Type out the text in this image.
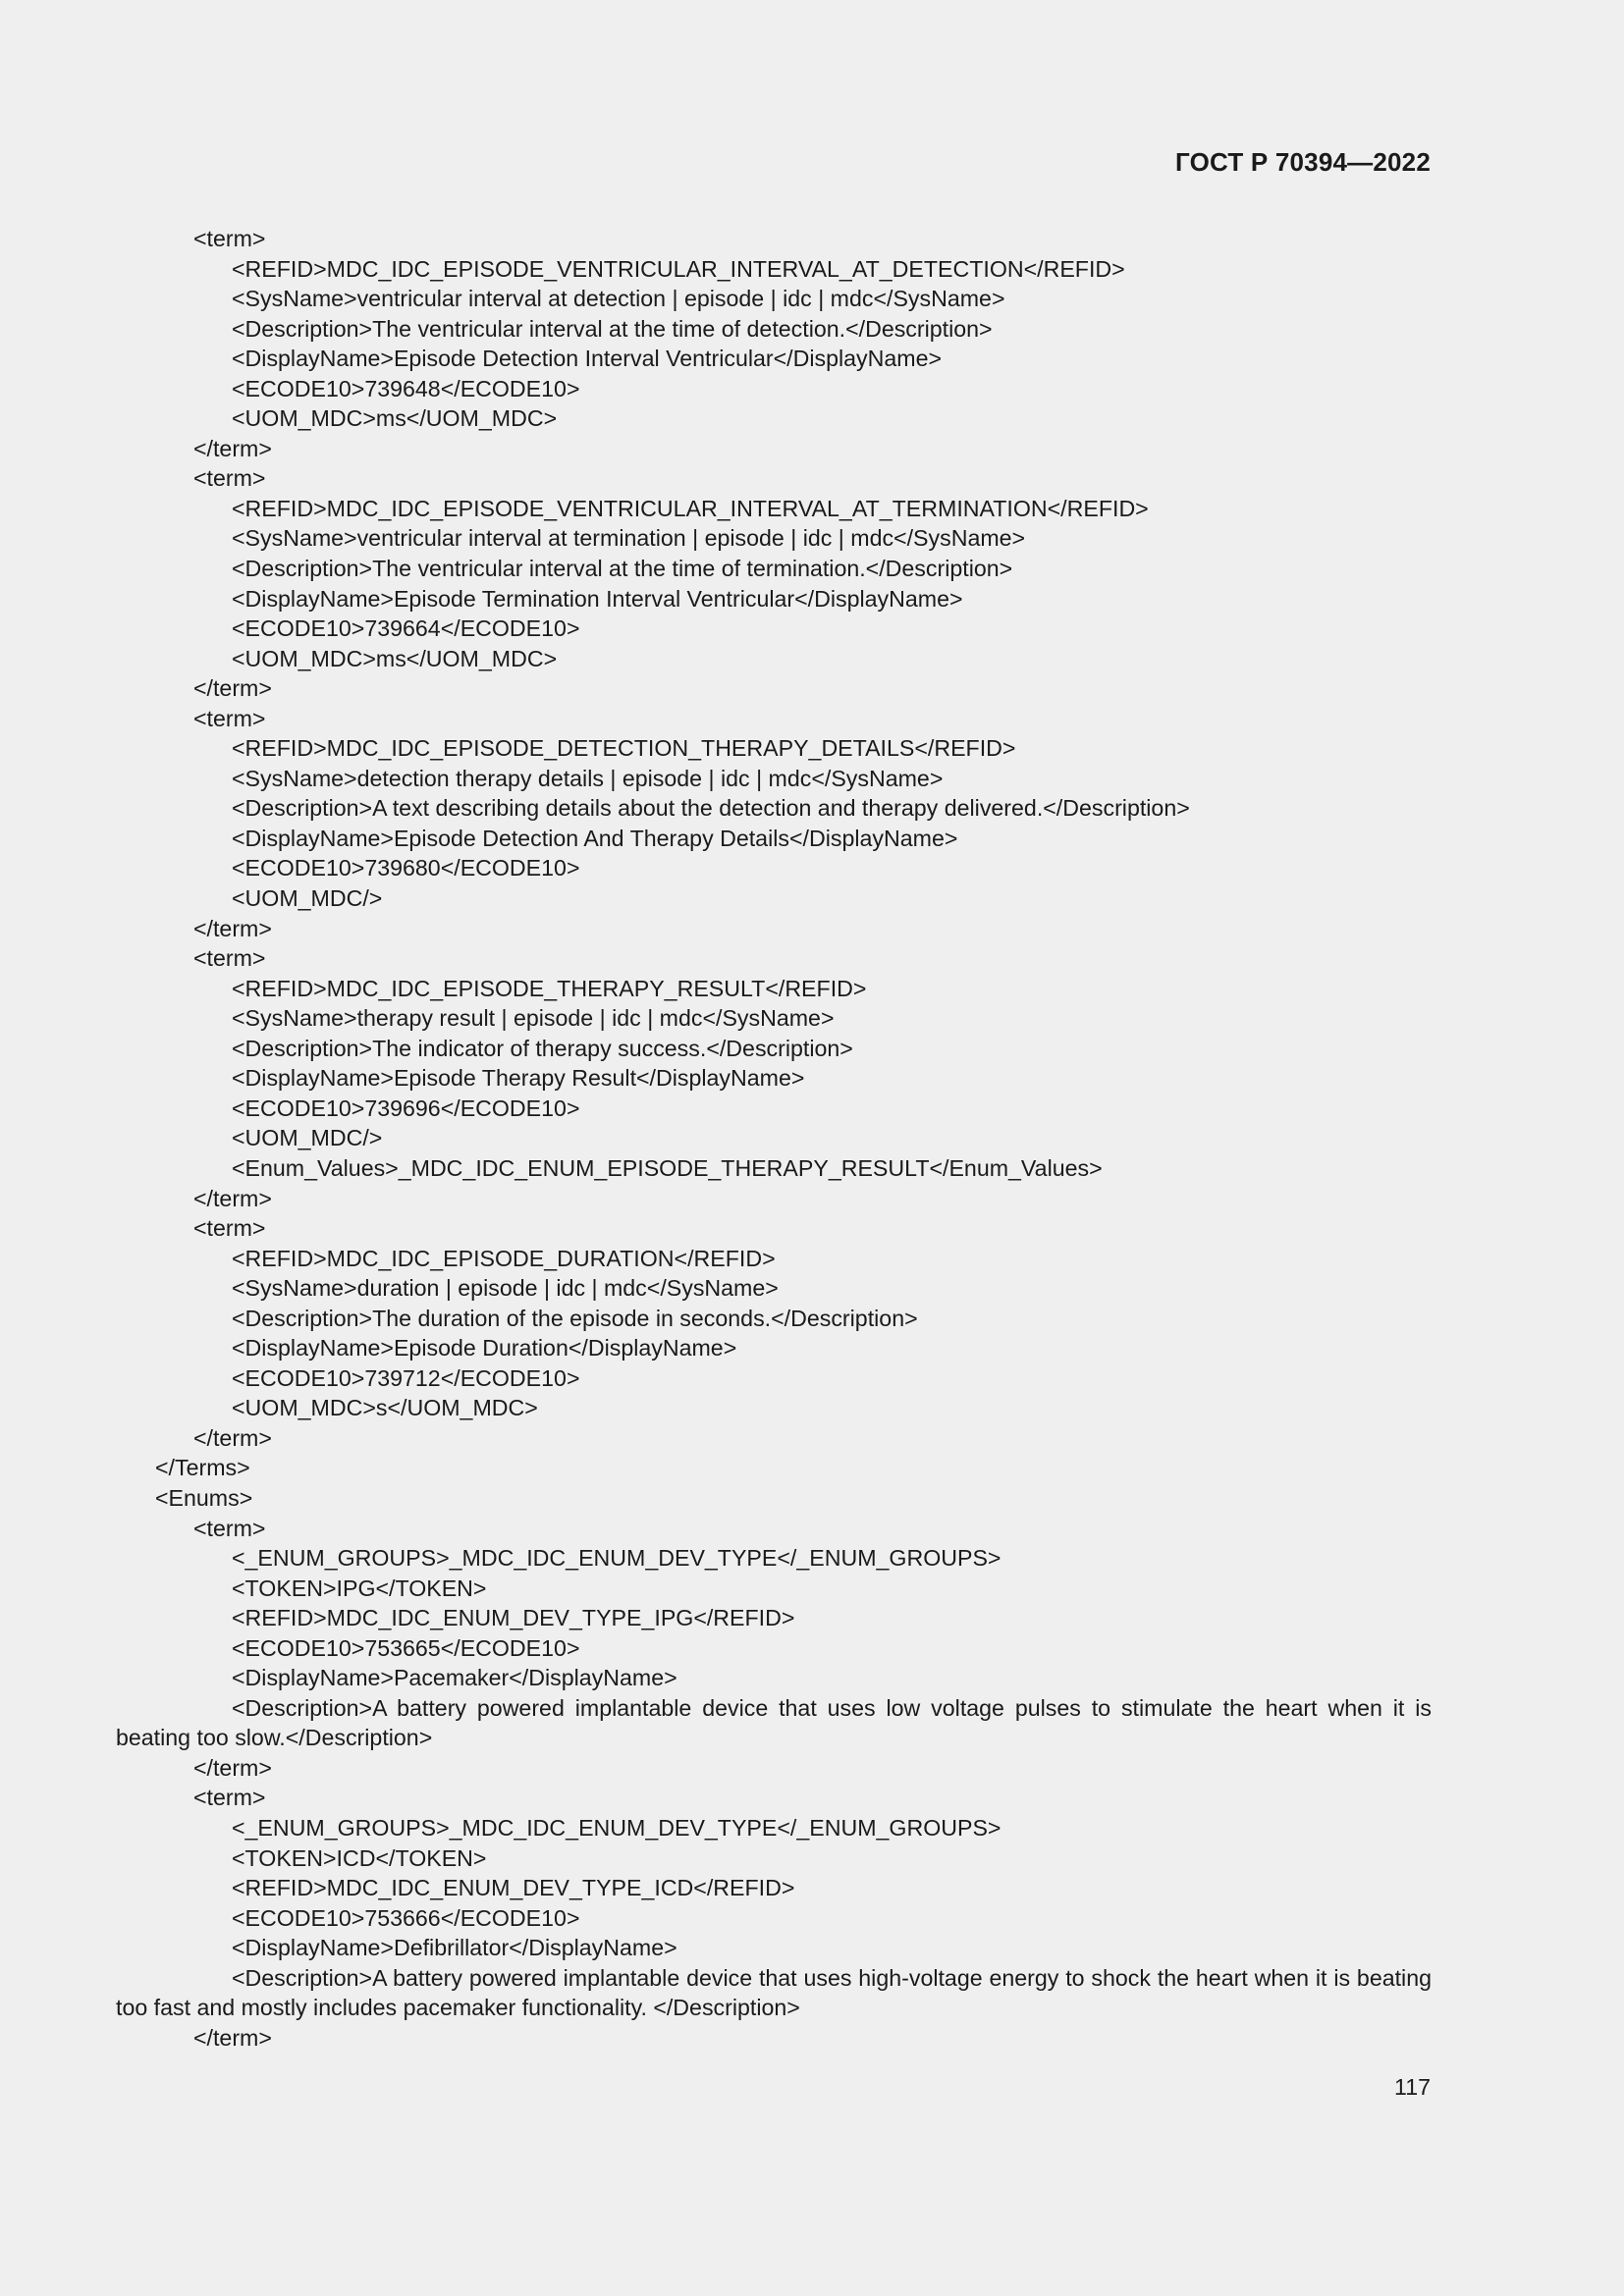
ГОСТ Р 70394—2022
<term>
<REFID>MDC_IDC_EPISODE_VENTRICULAR_INTERVAL_AT_DETECTION</REFID>
<SysName>ventricular interval at detection | episode | idc | mdc</SysName>
<Description>The ventricular interval at the time of detection.</Description>
<DisplayName>Episode Detection Interval Ventricular</DisplayName>
<ECODE10>739648</ECODE10>
<UOM_MDC>ms</UOM_MDC>
</term>
<term>
<REFID>MDC_IDC_EPISODE_VENTRICULAR_INTERVAL_AT_TERMINATION</REFID>
<SysName>ventricular interval at termination | episode | idc | mdc</SysName>
<Description>The ventricular interval at the time of termination.</Description>
<DisplayName>Episode Termination Interval Ventricular</DisplayName>
<ECODE10>739664</ECODE10>
<UOM_MDC>ms</UOM_MDC>
</term>
<term>
<REFID>MDC_IDC_EPISODE_DETECTION_THERAPY_DETAILS</REFID>
<SysName>detection therapy details | episode | idc | mdc</SysName>
<Description>A text describing details about the detection and therapy delivered.</Description>
<DisplayName>Episode Detection And Therapy Details</DisplayName>
<ECODE10>739680</ECODE10>
<UOM_MDC/>
</term>
<term>
<REFID>MDC_IDC_EPISODE_THERAPY_RESULT</REFID>
<SysName>therapy result | episode | idc | mdc</SysName>
<Description>The indicator of therapy success.</Description>
<DisplayName>Episode Therapy Result</DisplayName>
<ECODE10>739696</ECODE10>
<UOM_MDC/>
<Enum_Values>_MDC_IDC_ENUM_EPISODE_THERAPY_RESULT</Enum_Values>
</term>
<term>
<REFID>MDC_IDC_EPISODE_DURATION</REFID>
<SysName>duration | episode | idc | mdc</SysName>
<Description>The duration of the episode in seconds.</Description>
<DisplayName>Episode Duration</DisplayName>
<ECODE10>739712</ECODE10>
<UOM_MDC>s</UOM_MDC>
</term>
</Terms>
<Enums>
<term>
<_ENUM_GROUPS>_MDC_IDC_ENUM_DEV_TYPE</_ENUM_GROUPS>
<TOKEN>IPG</TOKEN>
<REFID>MDC_IDC_ENUM_DEV_TYPE_IPG</REFID>
<ECODE10>753665</ECODE10>
<DisplayName>Pacemaker</DisplayName>
<Description>A battery powered implantable device that uses low voltage pulses to stimulate the heart when it is beating too slow.</Description>
</term>
<term>
<_ENUM_GROUPS>_MDC_IDC_ENUM_DEV_TYPE</_ENUM_GROUPS>
<TOKEN>ICD</TOKEN>
<REFID>MDC_IDC_ENUM_DEV_TYPE_ICD</REFID>
<ECODE10>753666</ECODE10>
<DisplayName>Defibrillator</DisplayName>
<Description>A battery powered implantable device that uses high-voltage energy to shock the heart when it is beating too fast and mostly includes pacemaker functionality. </Description>
</term>
117
